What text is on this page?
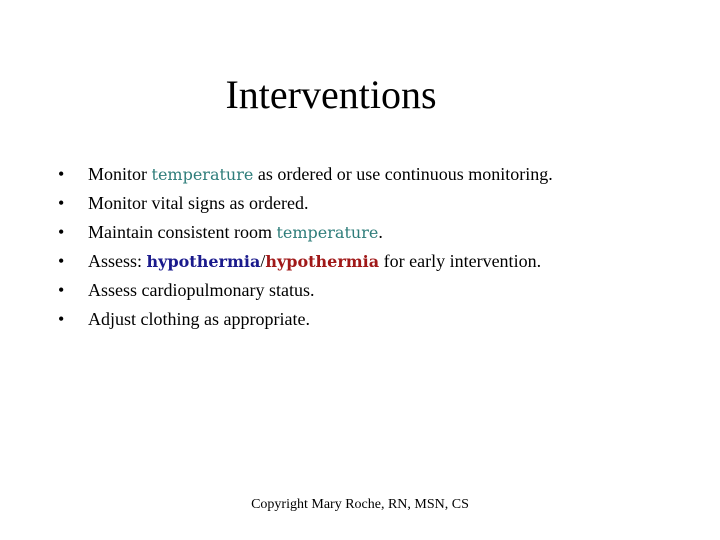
Interventions
• Monitor temperature as ordered or use continuous monitoring.
• Monitor vital signs as ordered.
• Maintain consistent room temperature.
• Assess: hypothermia/hypothermia for early intervention.
• Assess cardiopulmonary status.
• Adjust clothing as appropriate.
Copyright Mary Roche, RN, MSN, CS
